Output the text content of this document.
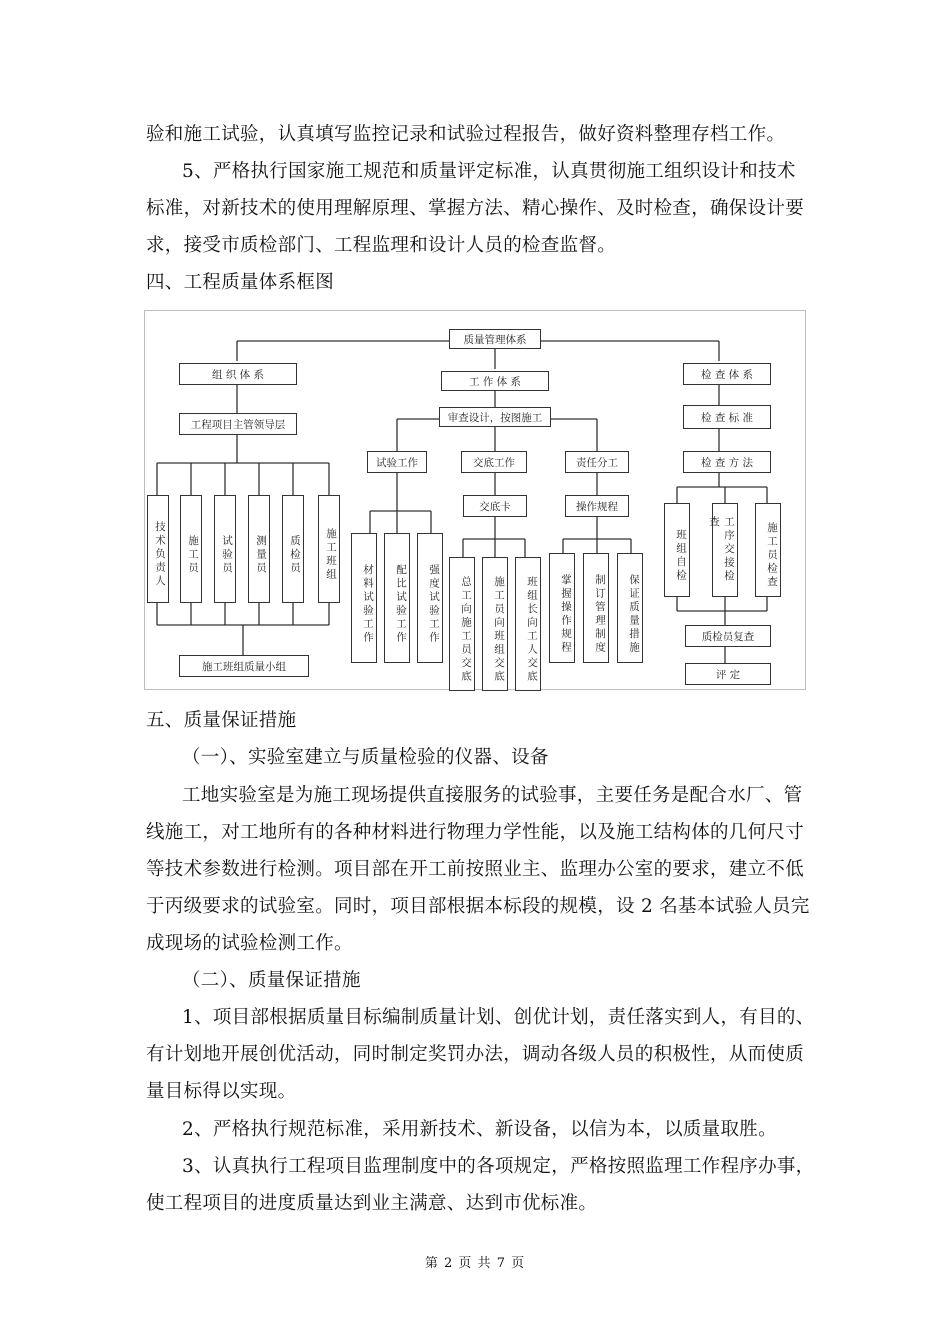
验和施工试验，认真填写监控记录和试验过程报告，做好资料整理存档工作。
5、严格执行国家施工规范和质量评定标准，认真贯彻施工组织设计和技术
标准，对新技术的使用理解原理、掌握方法、精心操作、及时检查，确保设计要
求，接受市质检部门、工程监理和设计人员的检查监督。
四、工程质量体系框图
质量管理体系
组 织 体 系
工 作 体 系
检 查 体 系
工程项目主管领导层
技术负责人	施工员	试验员	测量员	质检员	施工班组
施工班组质量小组
审查设计，按图施工
试验工作	交底工作	责任分工
交底卡	操作规程
材料试验工作	配比试验工作	强度试验工作	总工向施工员交底	施工员向班组交底	班组长向工人交底	掌握操作规程	制订管理制度	保证质量措施
检 查 标 准
检 查 方 法
班组自检	工序交接检查	施工员检查
质检员复查
评 定
五、质量保证措施
（一）、实验室建立与质量检验的仪器、设备
工地实验室是为施工现场提供直接服务的试验事，主要任务是配合水厂、管
线施工，对工地所有的各种材料进行物理力学性能，以及施工结构体的几何尺寸
等技术参数进行检测。项目部在开工前按照业主、监理办公室的要求，建立不低
于丙级要求的试验室。同时，项目部根据本标段的规模，设 2 名基本试验人员完
成现场的试验检测工作。
（二）、质量保证措施
1、项目部根据质量目标编制质量计划、创优计划，责任落实到人，有目的、
有计划地开展创优活动，同时制定奖罚办法，调动各级人员的积极性，从而使质
量目标得以实现。
2、严格执行规范标准，采用新技术、新设备，以信为本，以质量取胜。
3、认真执行工程项目监理制度中的各项规定，严格按照监理工作程序办事，
使工程项目的进度质量达到业主满意、达到市优标准。
第 2 页 共 7 页
